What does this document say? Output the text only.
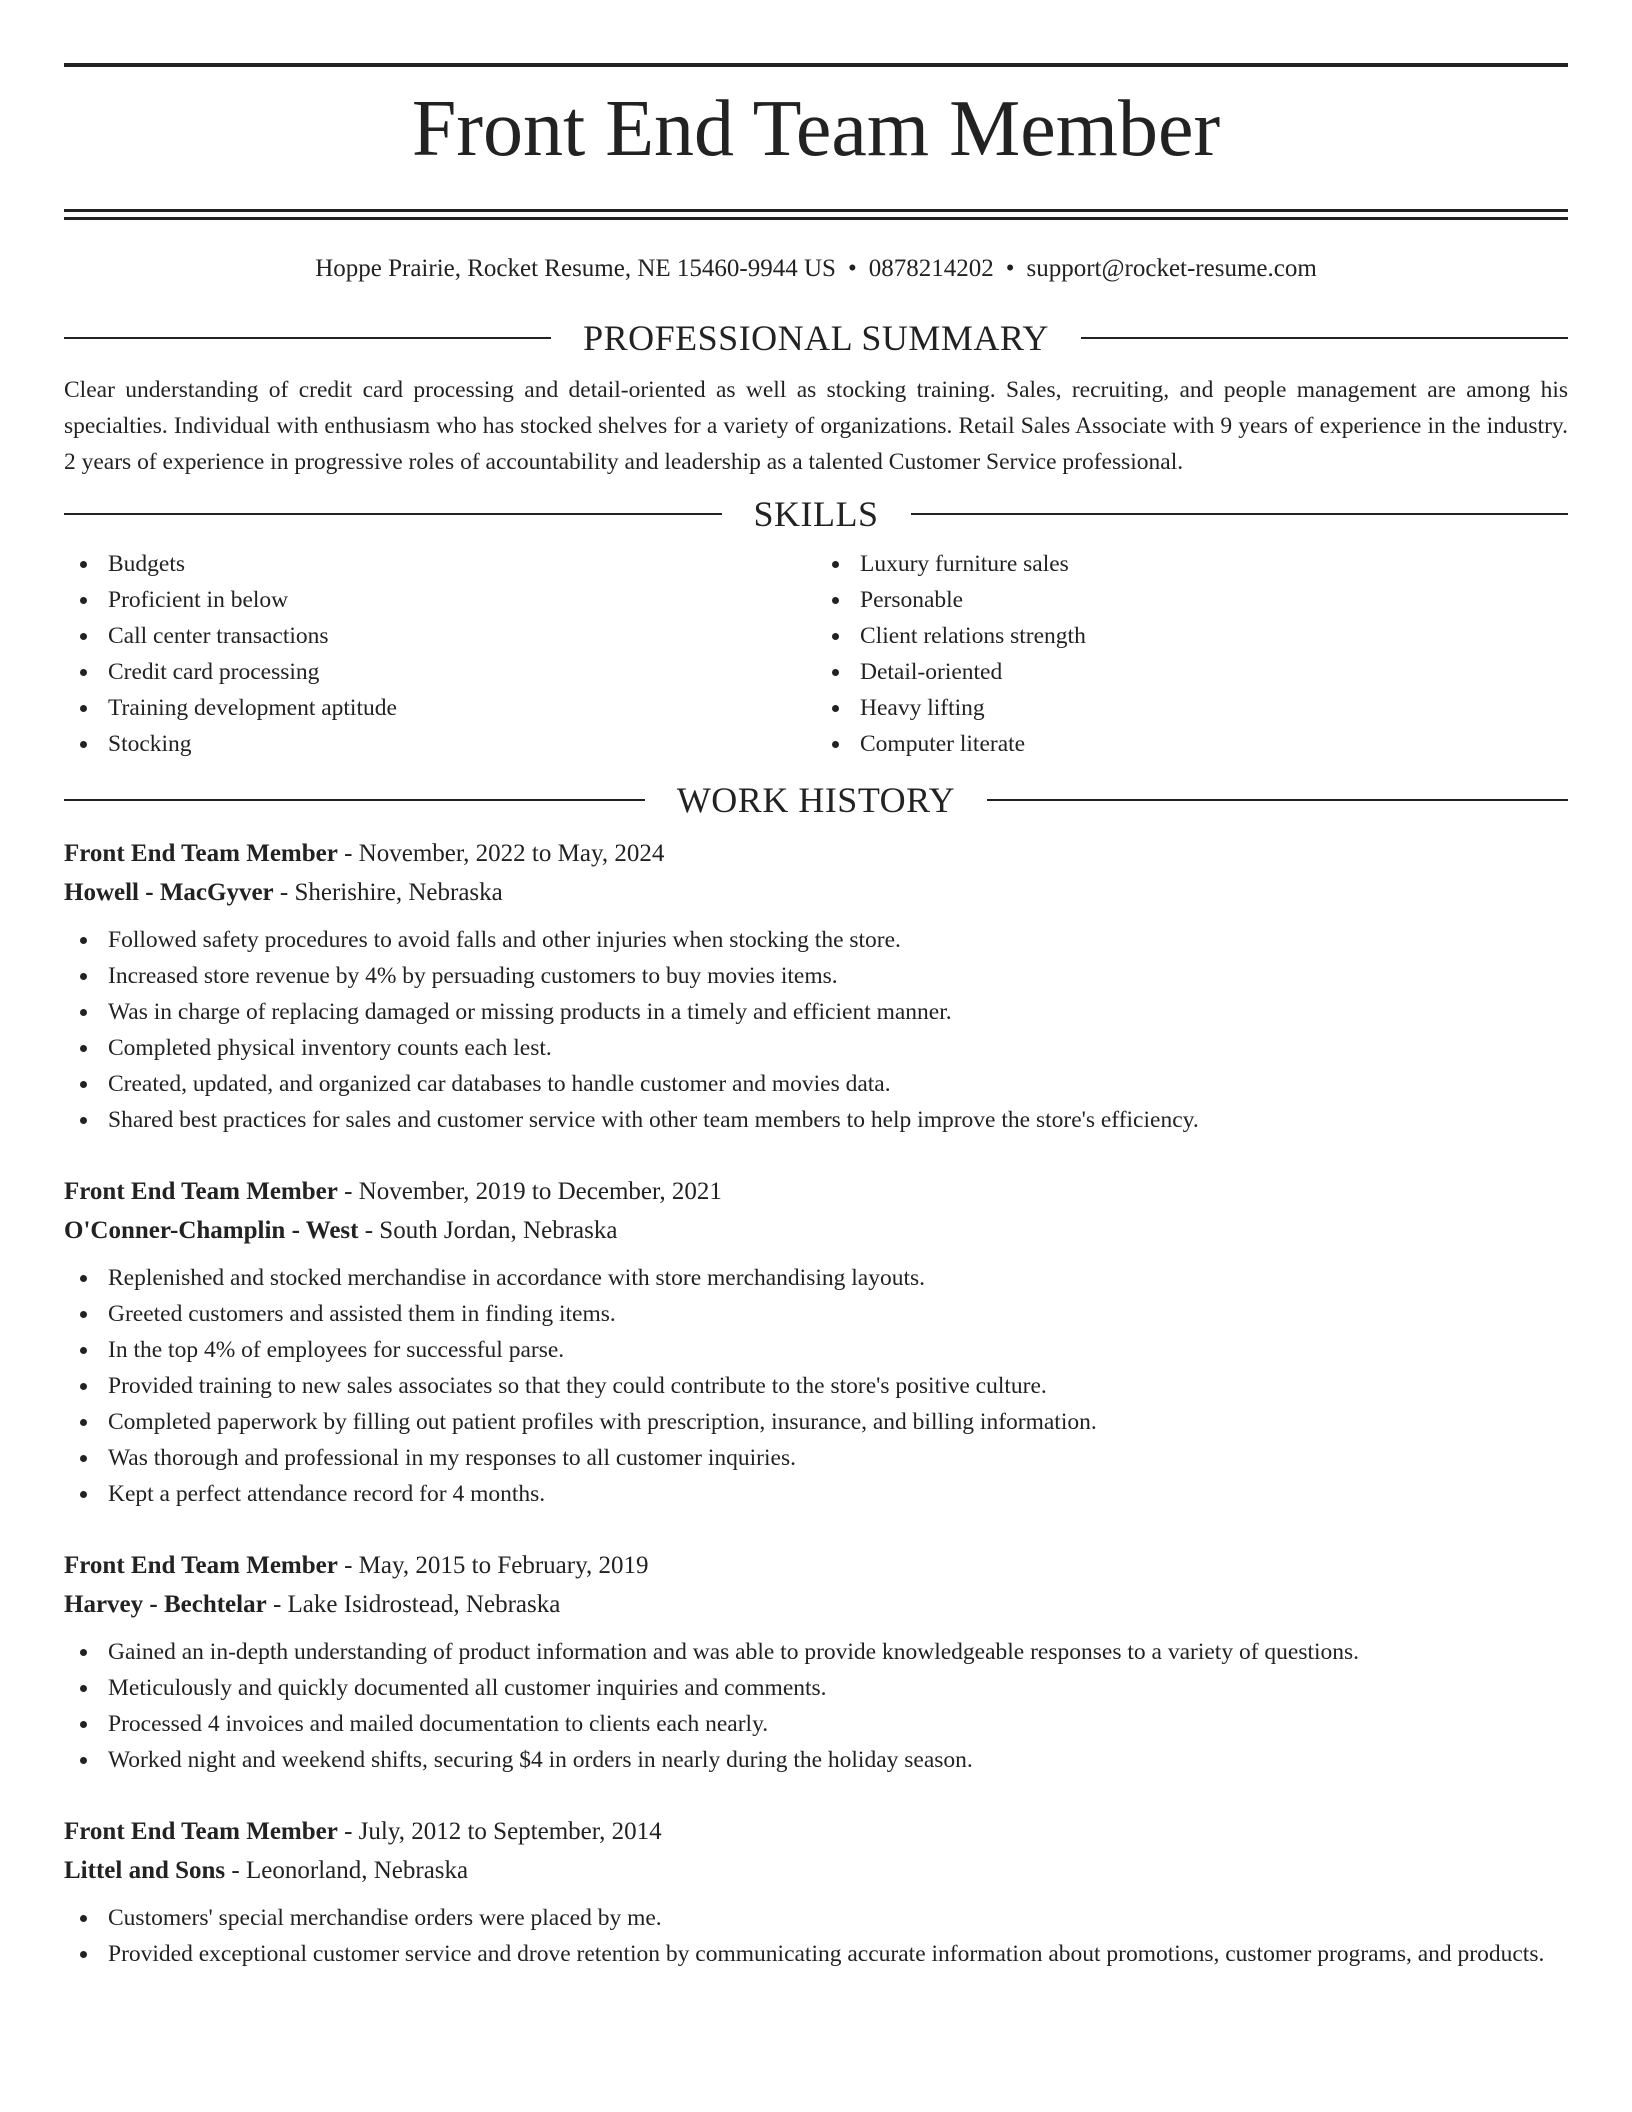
Front End Team Member
Hoppe Prairie, Rocket Resume, NE 15460-9944 US • 0878214202 • support@rocket-resume.com
PROFESSIONAL SUMMARY

Clear understanding of credit card processing and detail-oriented as well as stocking training. Sales, recruiting, and people management are among his specialties. Individual with enthusiasm who has stocked shelves for a variety of organizations. Retail Sales Associate with 9 years of experience in the industry. 2 years of experience in progressive roles of accountability and leadership as a talented Customer Service professional.

SKILLS
Budgets
Proficient in below
Call center transactions
Credit card processing
Training development aptitude
Stocking
Luxury furniture sales
Personable
Client relations strength
Detail-oriented
Heavy lifting
Computer literate
WORK HISTORY

Front End Team Member - November, 2022 to May, 2024

Howell - MacGyver - Sherishire, Nebraska

Followed safety procedures to avoid falls and other injuries when stocking the store.
Increased store revenue by 4% by persuading customers to buy movies items.
Was in charge of replacing damaged or missing products in a timely and efficient manner.
Completed physical inventory counts each lest.
Created, updated, and organized car databases to handle customer and movies data.
Shared best practices for sales and customer service with other team members to help improve the store's efficiency.

Front End Team Member - November, 2019 to December, 2021

O'Conner-Champlin - West - South Jordan, Nebraska

Replenished and stocked merchandise in accordance with store merchandising layouts.
Greeted customers and assisted them in finding items.
In the top 4% of employees for successful parse.
Provided training to new sales associates so that they could contribute to the store's positive culture.
Completed paperwork by filling out patient profiles with prescription, insurance, and billing information.
Was thorough and professional in my responses to all customer inquiries.
Kept a perfect attendance record for 4 months.

Front End Team Member - May, 2015 to February, 2019

Harvey - Bechtelar - Lake Isidrostead, Nebraska

Gained an in-depth understanding of product information and was able to provide knowledgeable responses to a variety of questions.
Meticulously and quickly documented all customer inquiries and comments.
Processed 4 invoices and mailed documentation to clients each nearly.
Worked night and weekend shifts, securing $4 in orders in nearly during the holiday season.

Front End Team Member - July, 2012 to September, 2014

Littel and Sons - Leonorland, Nebraska

Customers' special merchandise orders were placed by me.
Provided exceptional customer service and drove retention by communicating accurate information about promotions, customer programs, and products.
